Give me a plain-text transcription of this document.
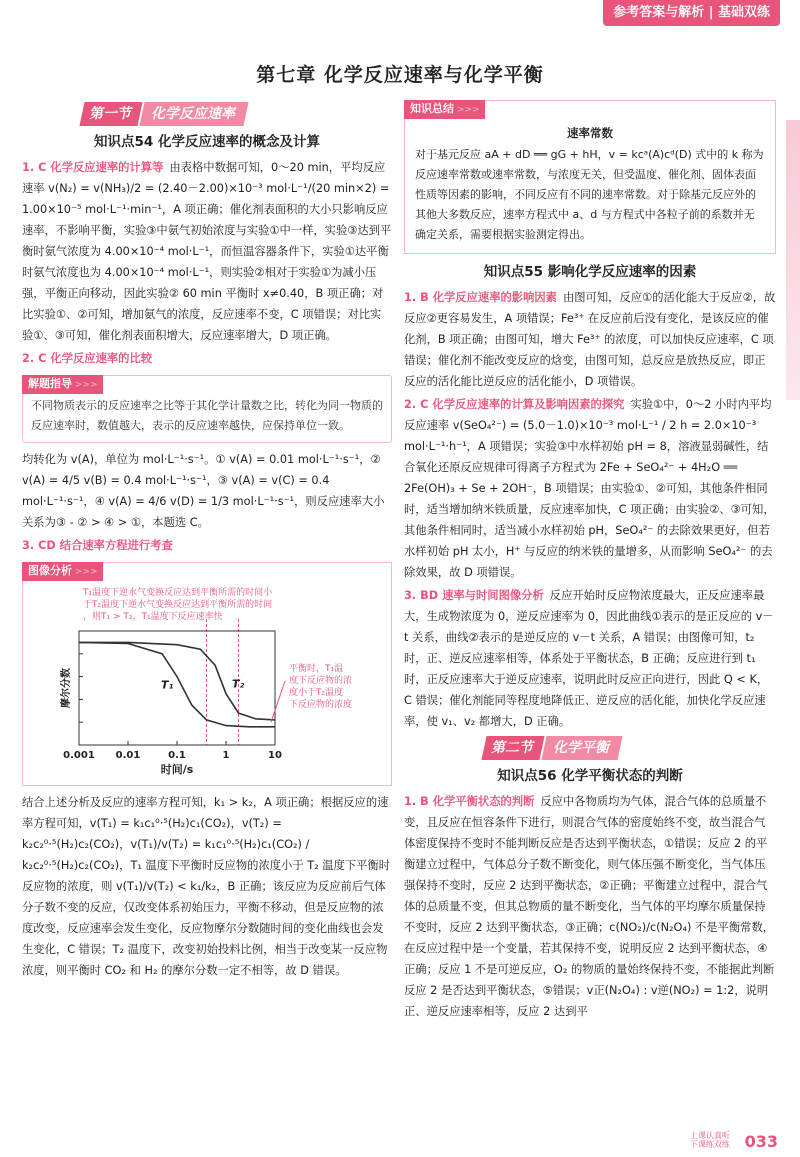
参考答案与解析 | 基础双练
第七章 化学反应速率与化学平衡
第一节 化学反应速率
知识点54 化学反应速率的概念及计算

1. C 化学反应速率的计算等 由表格中数据可知，0～20 min，平均反应速率 v(N₂) = v(NH₃)/2 = (2.40－2.00)×10⁻³ mol·L⁻¹/(20 min×2) = 1.00×10⁻⁵ mol·L⁻¹·min⁻¹，A 项正确；催化剂表面积的大小只影响反应速率，不影响平衡，实验③中氨气初始浓度与实验①中一样，实验③达到平衡时氨气浓度为 4.00×10⁻⁴ mol·L⁻¹，而恒温容器条件下，实验①达平衡时氨气浓度也为 4.00×10⁻⁴ mol·L⁻¹，则实验②相对于实验①为减小压强，平衡正向移动，因此实验② 60 min 平衡时 x≠0.40，B 项正确；对比实验①、②可知，增加氨气的浓度，反应速率不变，C 项错误；对比实验①、③可知，催化剂表面积增大，反应速率增大，D 项正确。

2. C 化学反应速率的比较

解题指导 >>>
不同物质表示的反应速率之比等于其化学计量数之比，转化为同一物质的反应速率时，数值越大，表示的反应速率越快，应保持单位一致。

均转化为 v(A)，单位为 mol·L⁻¹·s⁻¹。① v(A) = 0.01 mol·L⁻¹·s⁻¹，② v(A) = 4/5 v(B) = 0.4 mol·L⁻¹·s⁻¹，③ v(A) = v(C) = 0.4 mol·L⁻¹·s⁻¹，④ v(A) = 4/6 v(D) = 1/3 mol·L⁻¹·s⁻¹，则反应速率大小关系为③ - ② > ④ > ①，本题选 C。

3. CD 结合速率方程进行考查

图像分析 >>>
T₁温度下逆水气变换反应达到平衡所需的时间小 于T₂温度下逆水气变换反应达到平衡所需的时间 ，则T₁ > T₂，T₁温度下反应速率快
0.001 0.01	0.1	1	10
时间/s
摩尔分数	T₁	T₂
平衡时，T₁温度下反应物的浓度小于T₂温度下反应物的浓度

结合上述分析及反应的速率方程可知，k₁ > k₂，A 项正确；根据反应的速率方程可知，v(T₁) = k₁c₁⁰·⁵(H₂)c₁(CO₂)，v(T₂) = k₂c₂⁰·⁵(H₂)c₂(CO₂)，v(T₁)/v(T₂) = k₁c₁⁰·⁵(H₂)c₁(CO₂) / k₂c₂⁰·⁵(H₂)c₂(CO₂)，T₁ 温度下平衡时反应物的浓度小于 T₂ 温度下平衡时反应物的浓度，则 v(T₁)/v(T₂) < k₁/k₂，B 正确；该反应为反应前后气体分子数不变的反应，仅改变体系初始压力，平衡不移动，但是反应物的浓度改变，反应速率会发生变化，反应物摩尔分数随时间的变化曲线也会发生变化，C 错误；T₂ 温度下，改变初始投料比例，相当于改变某一反应物浓度，则平衡时 CO₂ 和 H₂ 的摩尔分数一定不相等，故 D 错误。

知识总结 >>>
速率常数
对于基元反应 aA + dD ══ gG + hH，v = kcᵃ(A)cᵈ(D) 式中的 k 称为反应速率常数或速率常数，与浓度无关，但受温度、催化剂、固体表面性质等因素的影响，不同反应有不同的速率常数。对于除基元反应外的其他大多数反应，速率方程式中 a、d 与方程式中各粒子前的系数并无确定关系，需要根据实验测定得出。
知识点55 影响化学反应速率的因素

1. B 化学反应速率的影响因素 由图可知，反应①的活化能大于反应②，故反应②更容易发生，A 项错误；Fe³⁺ 在反应前后没有变化，是该反应的催化剂，B 项正确；由图可知，增大 Fe³⁺ 的浓度，可以加快反应速率，C 项错误；催化剂不能改变反应的焓变，由图可知，总反应是放热反应，即正反应的活化能比逆反应的活化能小，D 项错误。

2. C 化学反应速率的计算及影响因素的探究 实验①中，0～2 小时内平均反应速率 v(SeO₄²⁻) = (5.0－1.0)×10⁻³ mol·L⁻¹ / 2 h = 2.0×10⁻³ mol·L⁻¹·h⁻¹，A 项错误；实验③中水样初始 pH = 8，溶液显弱碱性，结合氧化还原反应规律可得离子方程式为 2Fe + SeO₄²⁻ + 4H₂O ══ 2Fe(OH)₃ + Se + 2OH⁻，B 项错误；由实验①、②可知，其他条件相同时，适当增加纳米铁质量，反应速率加快，C 项正确；由实验②、③可知，其他条件相同时，适当减小水样初始 pH，SeO₄²⁻ 的去除效果更好，但若水样初始 pH 太小，H⁺ 与反应的纳米铁的量增多，从而影响 SeO₄²⁻ 的去除效果，故 D 项错误。

3. BD 速率与时间图像分析 反应开始时反应物浓度最大，正反应速率最大，生成物浓度为 0，逆反应速率为 0，因此曲线①表示的是正反应的 v－t 关系，曲线②表示的是逆反应的 v－t 关系，A 错误；由图像可知，t₂ 时，正、逆反应速率相等，体系处于平衡状态，B 正确；反应进行到 t₁ 时，正反应速率大于逆反应速率，说明此时反应正向进行，因此 Q < K，C 错误；催化剂能同等程度地降低正、逆反应的活化能，加快化学反应速率，使 v₁、v₂ 都增大，D 正确。

第二节 化学平衡
知识点56 化学平衡状态的判断

1. B 化学平衡状态的判断 反应中各物质均为气体，混合气体的总质量不变，且反应在恒容条件下进行，则混合气体的密度始终不变，故当混合气体密度保持不变时不能判断反应是否达到平衡状态，①错误；反应 2 的平衡建立过程中，气体总分子数不断变化，则气体压强不断变化，当气体压强保持不变时，反应 2 达到平衡状态，②正确；平衡建立过程中，混合气体的总质量不变，但其总物质的量不断变化，当气体的平均摩尔质量保持不变时，反应 2 达到平衡状态，③正确；c(NO₂)/c(N₂O₄) 不是平衡常数，在反应过程中是一个变量，若其保持不变，说明反应 2 达到平衡状态，④正确；反应 1 不是可逆反应，O₂ 的物质的量始终保持不变，不能据此判断反应 2 是否达到平衡状态，⑤错误；v正(N₂O₄) : v逆(NO₂) = 1:2，说明正、逆反应速率相等，反应 2 达到平

上课认真听
下课练双练 033
